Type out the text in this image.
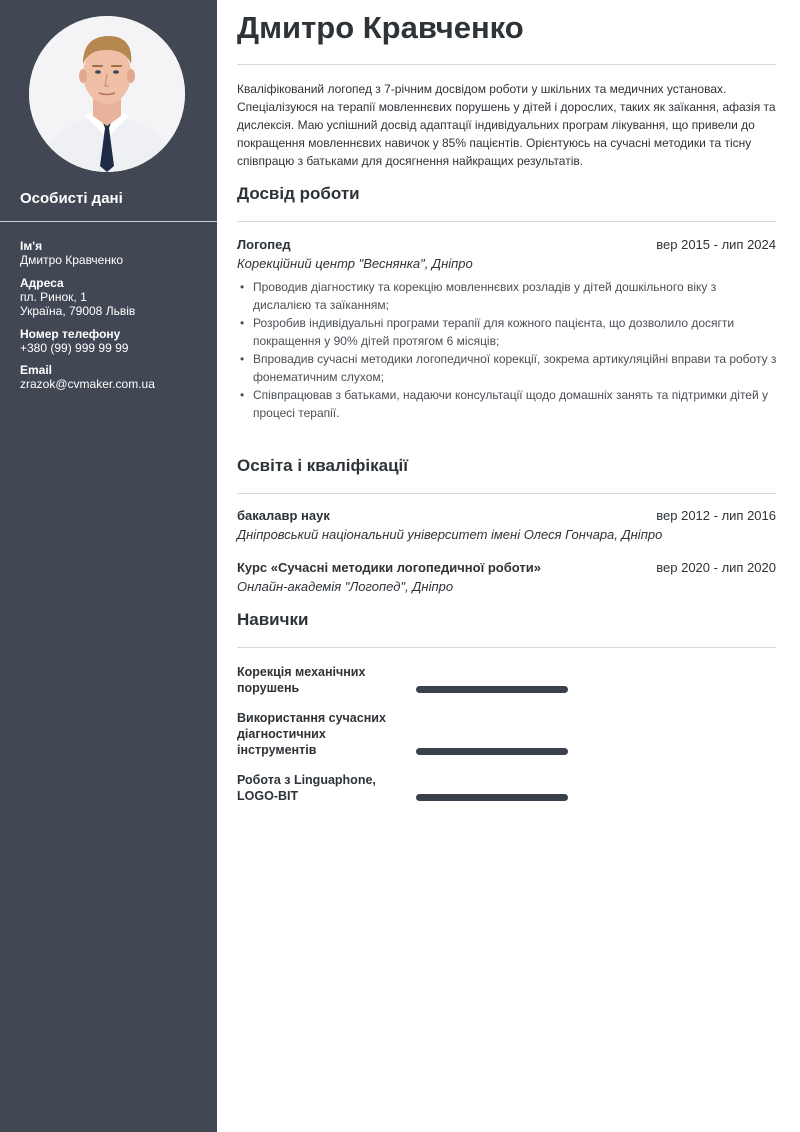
Особисті дані
Ім'я
Дмитро Кравченко
Адреса
пл. Ринок, 1
Україна, 79008 Львів
Номер телефону
+380 (99) 999 99 99
Email
zrazok@cvmaker.com.ua
Дмитро Кравченко

Кваліфікований логопед з 7-річним досвідом роботи у шкільних та медичних установах. Спеціалізуюся на терапії мовленнєвих порушень у дітей і дорослих, таких як заїкання, афазія та дислексія. Маю успішний досвід адаптації індивідуальних програм лікування, що привели до покращення мовленнєвих навичок у 85% пацієнтів. Орієнтуюсь на сучасні методики та тісну співпрацю з батьками для досягнення найкращих результатів.

Досвід роботи
Логопед	вер 2015 - лип 2024
Корекційний центр "Веснянка", Дніпро
• Проводив діагностику та корекцію мовленнєвих розладів у дітей дошкільного віку з дислалією та заїканням;
• Розробив індивідуальні програми терапії для кожного пацієнта, що дозволило досягти покращення у 90% дітей протягом 6 місяців;
• Впровадив сучасні методики логопедичної корекції, зокрема артикуляційні вправи та роботу з фонематичним слухом;
• Співпрацював з батьками, надаючи консультації щодо домашніх занять та підтримки дітей у процесі терапії.
Освіта і кваліфікації
бакалавр наук	вер 2012 - лип 2016
Дніпровський національний університет імені Олеся Гончара, Дніпро
Курс «Сучасні методики логопедичної роботи»	вер 2020 - лип 2020
Онлайн-академія "Логопед", Дніпро
Навички
Корекція механічних порушень
Використання сучасних діагностичних інструментів
Робота з Linguaphone, LOGO-BIT
